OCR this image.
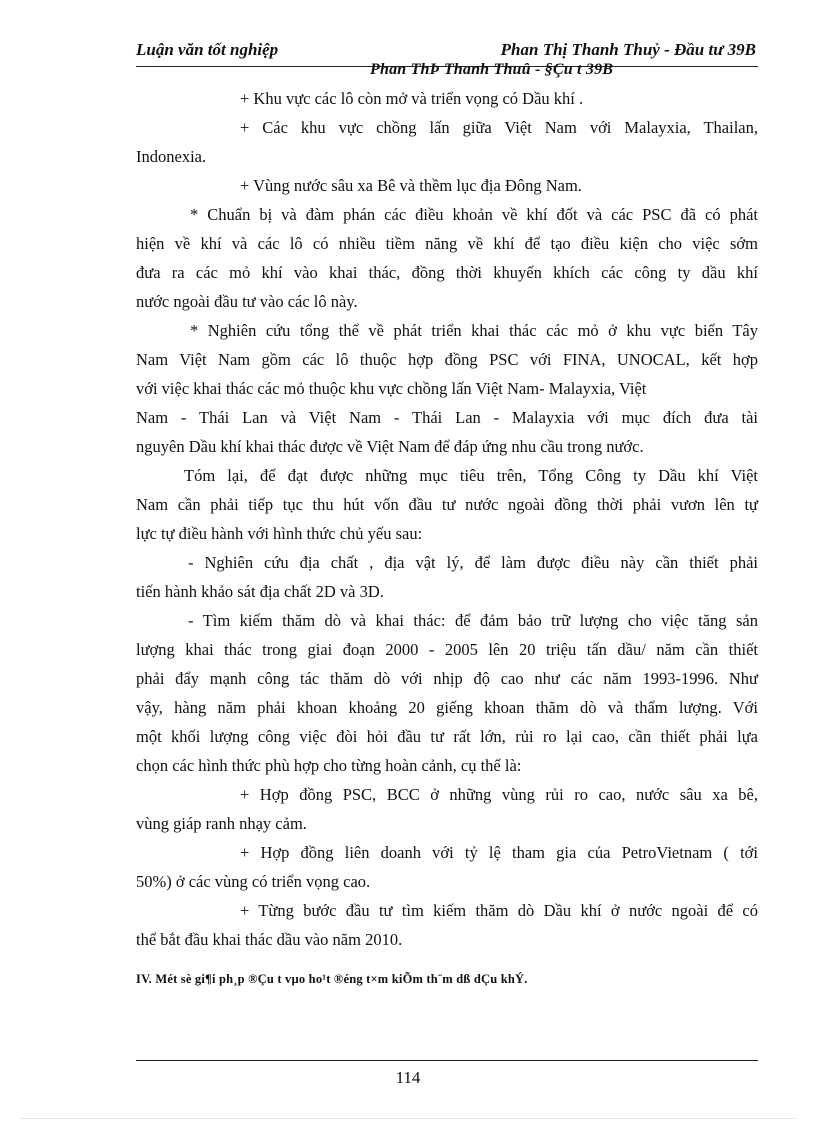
Luận văn tốt nghiệp	Phan Thị Thanh Thuỷ - Đầu tư 39B
Phan ThÞ Thanh Thuû - §Çu t 39B
+ Khu vực các lô còn mở và triển vọng có Dầu khí .
+ Các khu vực chồng lấn giữa Việt Nam với Malayxia, Thailan,
Indonexia.
+ Vùng nước sâu xa Bê và thềm lục địa Đông Nam.
* Chuẩn bị và đàm phán các điều khoản về khí đốt và các PSC đã có phát
hiện về khí và các lô có nhiều tiềm năng về khí để tạo điều kiện cho việc sớm
đưa ra các mỏ khí vào khai thác, đồng thời khuyến khích các công ty dầu khí
nước ngoài đầu tư vào các lô này.
* Nghiên cứu tổng thể về phát triển khai thác các mỏ ở khu vực biển Tây
Nam Việt Nam gồm các lô thuộc hợp đồng PSC với FINA, UNOCAL, kết hợp
với việc khai thác các mỏ thuộc khu vực chồng lấn Việt Nam- Malayxia, Việt
Nam - Thái Lan và Việt Nam - Thái Lan - Malayxia với mục đích đưa tài
nguyên Dầu khí khai thác được về Việt Nam để đáp ứng nhu cầu trong nước.
Tóm lại, để đạt được những mục tiêu trên, Tổng Công ty Dầu khí Việt
Nam cần phải tiếp tục thu hút vốn đầu tư nước ngoài đồng thời phải vươn lên tự
lực tự điều hành với hình thức chủ yếu sau:
- Nghiên cứu địa chất , địa vật lý, để làm được điều này cần thiết phải
tiến hành khảo sát địa chất 2D và 3D.
- Tìm kiếm thăm dò và khai thác: để đảm bảo trữ lượng cho việc tăng sản
lượng khai thác trong giai đoạn 2000 - 2005 lên 20 triệu tấn dầu/ năm cần thiết
phải đẩy mạnh công tác thăm dò với nhịp độ cao như các năm 1993-1996. Như
vậy, hàng năm phải khoan khoảng 20 giếng khoan thăm dò và thẩm lượng. Với
một khối lượng công việc đòi hỏi đầu tư rất lớn, rủi ro lại cao, cần thiết phải lựa
chọn các hình thức phù hợp cho từng hoàn cảnh, cụ thể là:
+ Hợp đồng PSC, BCC ở những vùng rủi ro cao, nước sâu xa bê,
vùng giáp ranh nhạy cảm.
+ Hợp đồng liên doanh với tỷ lệ tham gia của PetroVietnam ( tới
50%) ở các vùng có triển vọng cao.
+ Từng bước đầu tư tìm kiếm thăm dò Dầu khí ở nước ngoài để có
thể bắt đầu khai thác dầu vào năm 2010.
IV. Mét sè gi¶i ph¸p ®Çu t vµo ho¹t ®éng t×m kiÕm th¨m dß dÇu khÝ.
114
